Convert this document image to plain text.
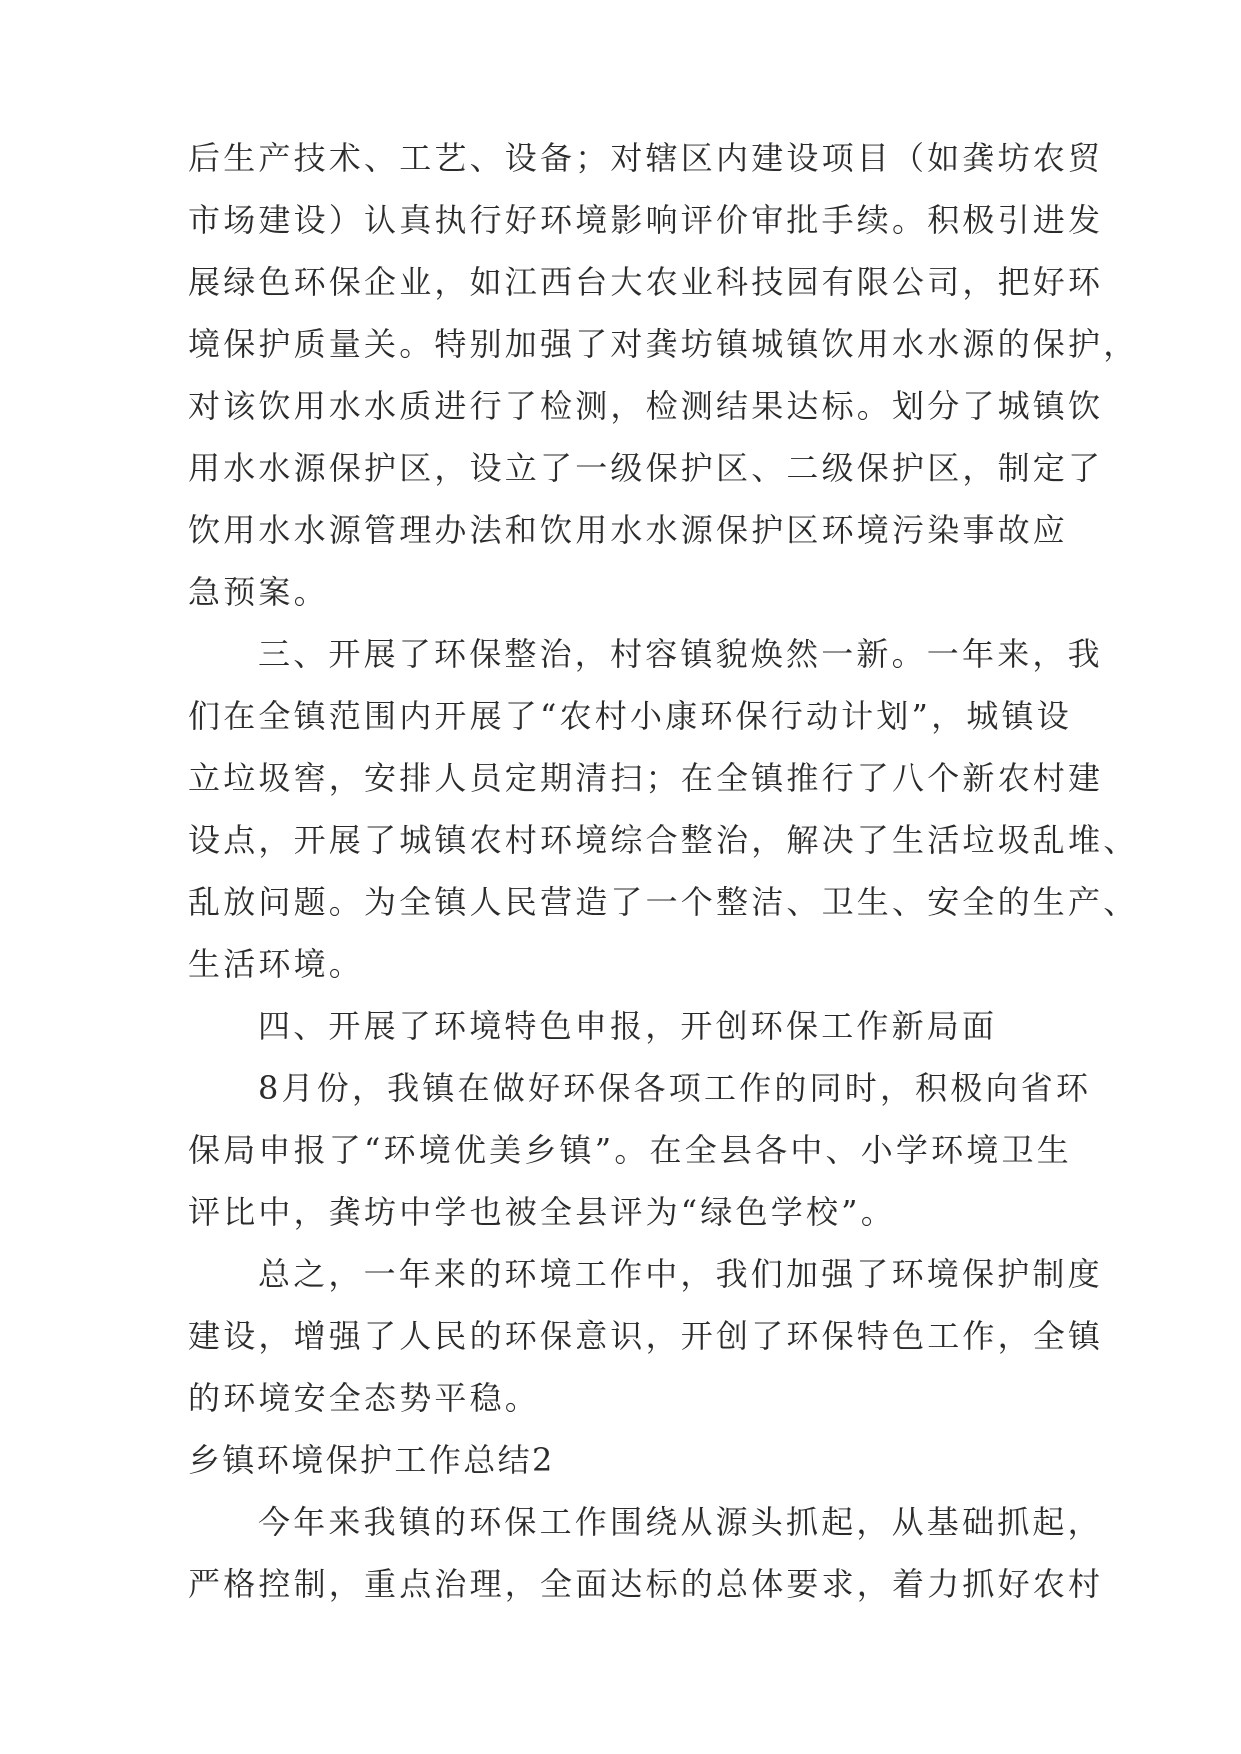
后生产技术、工艺、设备；对辖区内建设项目（如龚坊农贸
市场建设）认真执行好环境影响评价审批手续。积极引进发
展绿色环保企业，如江西台大农业科技园有限公司，把好环
境保护质量关。特别加强了对龚坊镇城镇饮用水水源的保护，
对该饮用水水质进行了检测，检测结果达标。划分了城镇饮
用水水源保护区，设立了一级保护区、二级保护区，制定了
饮用水水源管理办法和饮用水水源保护区环境污染事故应
急预案。
三、开展了环保整治，村容镇貌焕然一新。一年来，我
们在全镇范围内开展了“农村小康环保行动计划”，城镇设
立垃圾窖，安排人员定期清扫；在全镇推行了八个新农村建
设点，开展了城镇农村环境综合整治，解决了生活垃圾乱堆、
乱放问题。为全镇人民营造了一个整洁、卫生、安全的生产、
生活环境。
四、开展了环境特色申报，开创环保工作新局面
8月份，我镇在做好环保各项工作的同时，积极向省环
保局申报了“环境优美乡镇”。在全县各中、小学环境卫生
评比中，龚坊中学也被全县评为“绿色学校”。
总之，一年来的环境工作中，我们加强了环境保护制度
建设，增强了人民的环保意识，开创了环保特色工作，全镇
的环境安全态势平稳。
乡镇环境保护工作总结2
今年来我镇的环保工作围绕从源头抓起，从基础抓起，
严格控制，重点治理，全面达标的总体要求，着力抓好农村
